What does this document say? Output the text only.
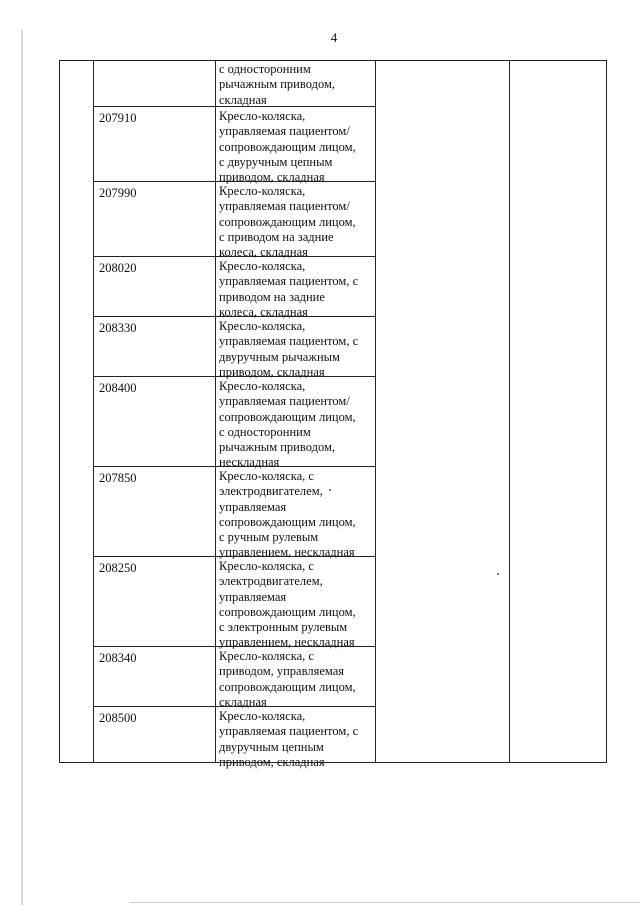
4
с односторонним
рычажным приводом,
складная
207910	Кресло-коляска,
управляемая пациентом/
сопровождающим лицом,
с двуручным цепным
приводом, складная
207990	Кресло-коляска,
управляемая пациентом/
сопровождающим лицом,
с приводом на задние
колеса, складная
208020	Кресло-коляска,
управляемая пациентом, с
приводом на задние
колеса, складная
208330	Кресло-коляска,
управляемая пациентом, с
двуручным рычажным
приводом, складная
208400	Кресло-коляска,
управляемая пациентом/
сопровождающим лицом,
с односторонним
рычажным приводом,
нескладная
207850	Кресло-коляска, с
электродвигателем,
управляемая
сопровождающим лицом,
с ручным рулевым
управлением, нескладная
208250	Кресло-коляска, с
электродвигателем,
управляемая
сопровождающим лицом,
с электронным рулевым
управлением, нескладная
208340	Кресло-коляска, с
приводом, управляемая
сопровождающим лицом,
складная
208500	Кресло-коляска,
управляемая пациентом, с
двуручным цепным
приводом, складная
